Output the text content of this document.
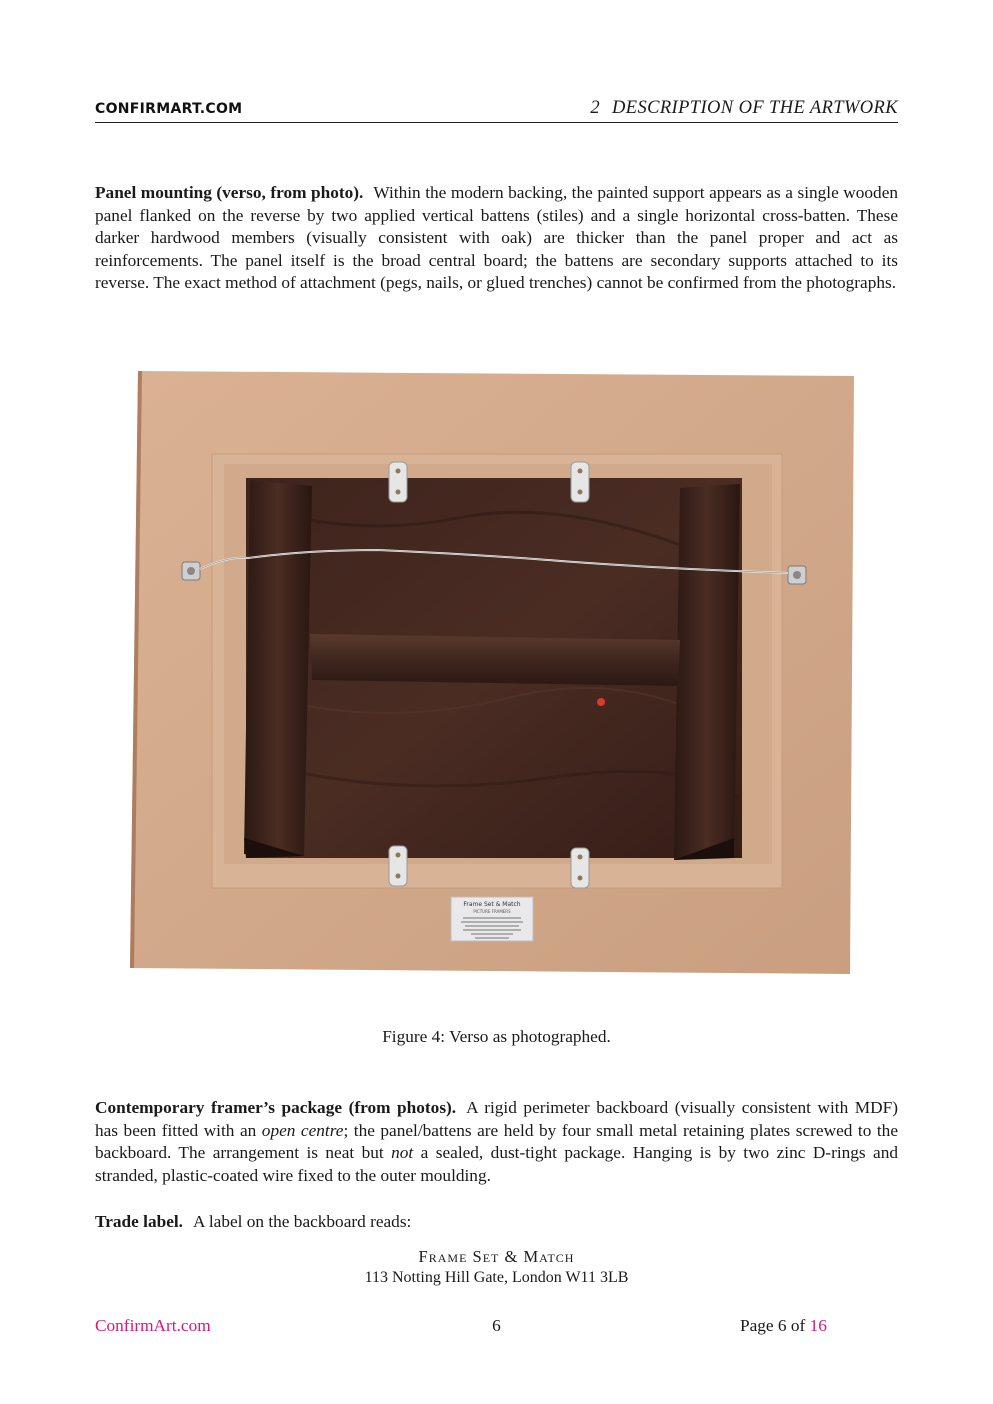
CONFIRMART.COM	2 DESCRIPTION OF THE ARTWORK

Panel mounting (verso, from photo). Within the modern backing, the painted support appears as a single wooden panel flanked on the reverse by two applied vertical battens (stiles) and a single horizontal cross-batten. These darker hardwood members (visually consistent with oak) are thicker than the panel proper and act as reinforcements. The panel itself is the broad central board; the battens are secondary supports attached to its reverse. The exact method of attachment (pegs, nails, or glued trenches) cannot be confirmed from the photographs.

Frame Set & Match
PICTURE FRAMERS
Figure 4: Verso as photographed.

Contemporary framer’s package (from photos). A rigid perimeter backboard (visually consistent with MDF) has been fitted with an open centre; the panel/battens are held by four small metal retaining plates screwed to the backboard. The arrangement is neat but not a sealed, dust-tight package. Hanging is by two zinc D-rings and stranded, plastic-coated wire fixed to the outer moulding.

Trade label. A label on the backboard reads:

Frame Set & Match
113 Notting Hill Gate, London W11 3LB
ConfirmArt.com	6	Page 6 of 16
